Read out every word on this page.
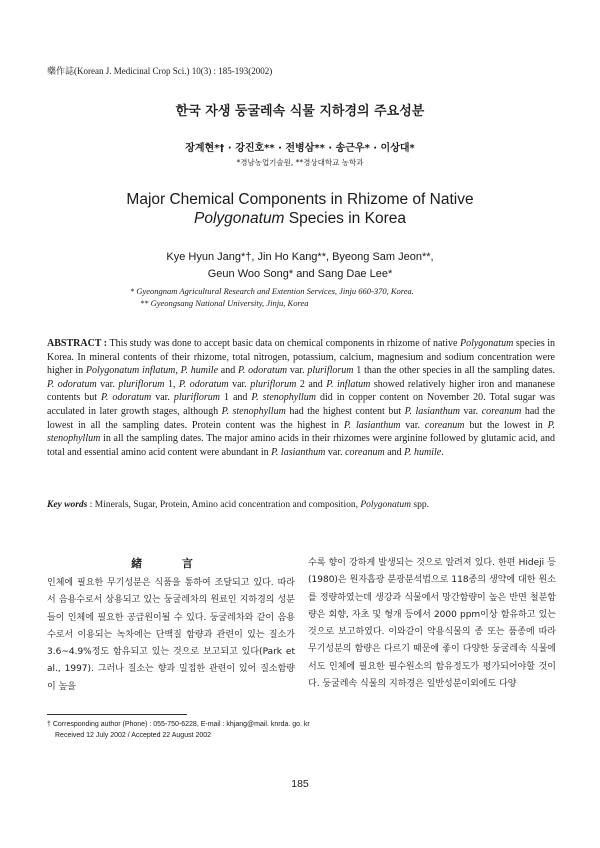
藥作誌(Korean J. Medicinal Crop Sci.) 10(3) : 185-193(2002)
한국 자생 둥굴레속 식물 지하경의 주요성분
장계현*† · 강진호** · 전병삼** · 송근우* · 이상대*
*경남농업기술원, **경상대학교 농학과
Major Chemical Components in Rhizome of Native
Polygonatum Species in Korea
Kye Hyun Jang*†, Jin Ho Kang**, Byeong Sam Jeon**,
Geun Woo Song* and Sang Dae Lee*
* Gyeongnam Agricultural Research and Extention Services, Jinju 660-370, Korea.
** Gyeongsang National University, Jinju, Korea
ABSTRACT : This study was done to accept basic data on chemical components in rhizome of native Polygonatum species in Korea. In mineral contents of their rhizome, total nitrogen, potassium, calcium, magnesium and sodium concentration were higher in Polygonatum inflatum, P. humile and P. odoratum var. pluriflorum 1 than the other species in all the sampling dates. P. odoratum var. pluriflorum 1, P. odoratum var. pluriflorum 2 and P. inflatum showed relatively higher iron and mananese contents but P. odoratum var. pluriflorum 1 and P. stenophyllum did in copper content on November 20. Total sugar was acculated in later growth stages, although P. stenophyllum had the highest content but P. lasianthum var. coreanum had the lowest in all the sampling dates. Protein content was the highest in P. lasianthum var. coreanum but the lowest in P. stenophyllum in all the sampling dates. The major amino acids in their rhizomes were arginine followed by glutamic acid, and total and essential amino acid content were abundant in P. lasianthum var. coreanum and P. humile.
Key words : Minerals, Sugar, Protein, Amino acid concentration and composition, Polygonatum spp.
緒 言

인체에 필요한 무기성분은 식품을 통하여 조달되고 있다. 따라서 음용수로서 상용되고 있는 둥굴레차의 원료인 지하경의 성분들이 인체에 필요한 공급원이될 수 있다. 둥굴레차와 같이 음용수로서 이용되는 녹차에는 단백질 함량과 관련이 있는 질소가 3.6~4.9%정도 함유되고 있는 것으로 보고되고 있다(Park et al., 1997). 그러나 질소는 향과 밀접한 관련이 있어 질소함량이 높을

수록 향이 강하게 발생되는 것으로 알려져 있다. 한편 Hideji 등 (1980)은 원자흡광 분광분석법으로 118종의 생약에 대한 원소를 정량하였는데 생강과 식물에서 망간함량이 높은 반면 철분함량은 회향, 자초 및 형개 등에서 2000 ppm이상 함유하고 있는 것으로 보고하였다. 이와같이 약용식물의 종 또는 품종에 따라 무기성분의 함량은 다르기 때문에 좋이 다양한 둥굴레속 식물에서도 인체에 필요한 필수원소의 함유정도가 평가되어야할 것이다. 둥굴레속 식물의 지하경은 일반성분이외에도 다양

† Corresponding author (Phone) : 055-750-6228, E-mail : khjang@mail. knrda. go. kr
Received 12 July 2002 / Accepted 22 August 2002
185
